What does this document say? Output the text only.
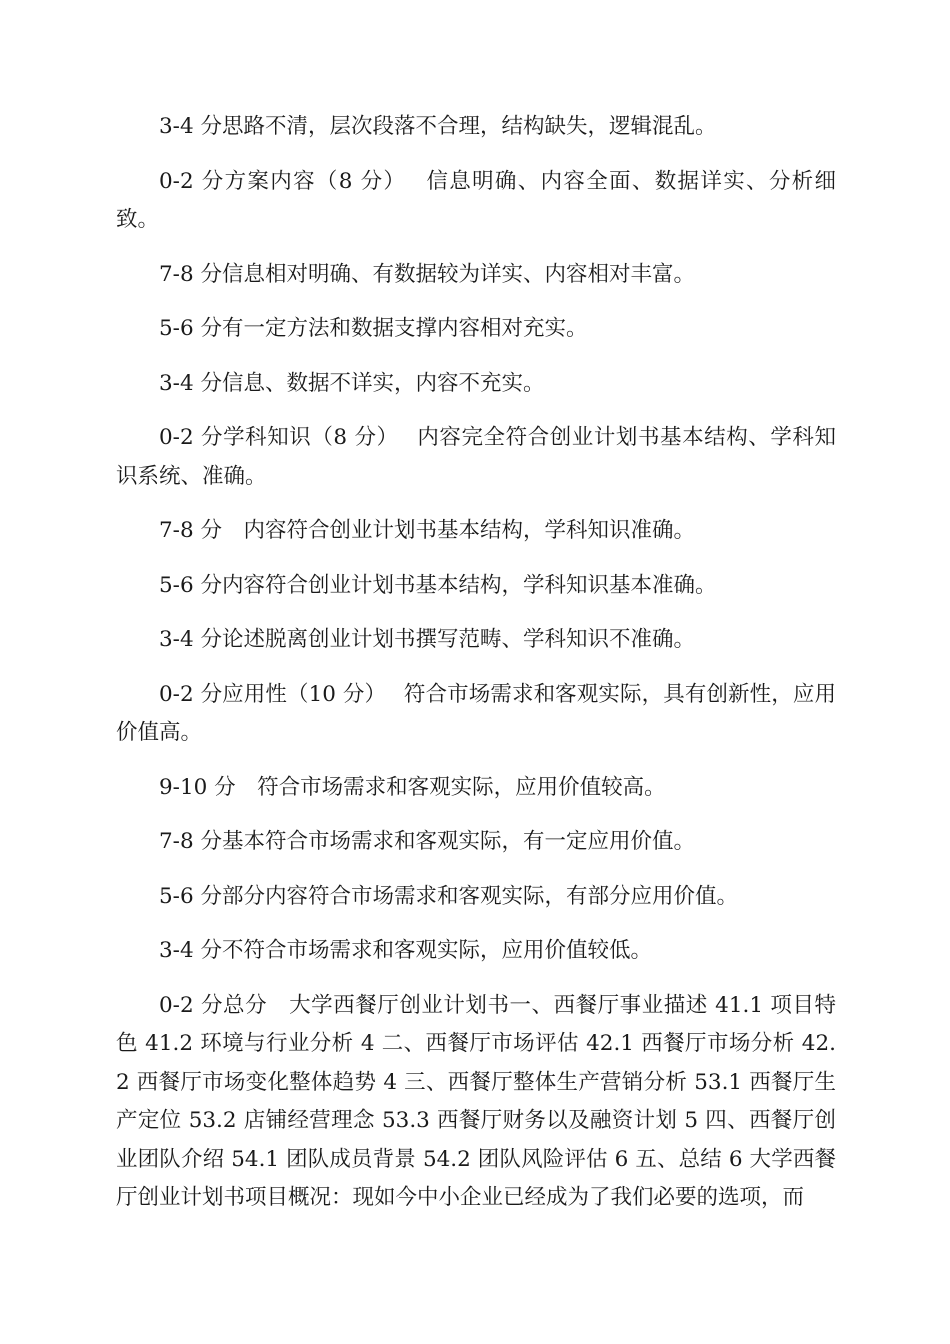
3-4 分思路不清，层次段落不合理，结构缺失，逻辑混乱。

0-2 分方案内容（8 分）　 信息明确、内容全面、数据详实、分析细致。

7-8 分信息相对明确、有数据较为详实、内容相对丰富。

5-6 分有一定方法和数据支撑内容相对充实。

3-4 分信息、数据不详实，内容不充实。

0-2 分学科知识（8 分）　 内容完全符合创业计划书基本结构、学科知识系统、准确。

7-8 分　内容符合创业计划书基本结构，学科知识准确。

5-6 分内容符合创业计划书基本结构，学科知识基本准确。

3-4 分论述脱离创业计划书撰写范畴、学科知识不准确。

0-2 分应用性（10 分）　 符合市场需求和客观实际，具有创新性，应用价值高。

9-10 分　符合市场需求和客观实际，应用价值较高。

7-8 分基本符合市场需求和客观实际，有一定应用价值。

5-6 分部分内容符合市场需求和客观实际，有部分应用价值。

3-4 分不符合市场需求和客观实际，应用价值较低。

0-2 分总分　大学西餐厅创业计划书一、西餐厅事业描述 41.1 项目特色 41.2 环境与行业分析 4 二、西餐厅市场评估 42.1 西餐厅市场分析 42.2 西餐厅市场变化整体趋势 4 三、西餐厅整体生产营销分析 53.1 西餐厅生产定位 53.2 店铺经营理念 53.3 西餐厅财务以及融资计划 5 四、西餐厅创业团队介绍 54.1 团队成员背景 54.2 团队风险评估 6 五、总结 6 大学西餐厅创业计划书项目概况：现如今中小企业已经成为了我们必要的选项，而
